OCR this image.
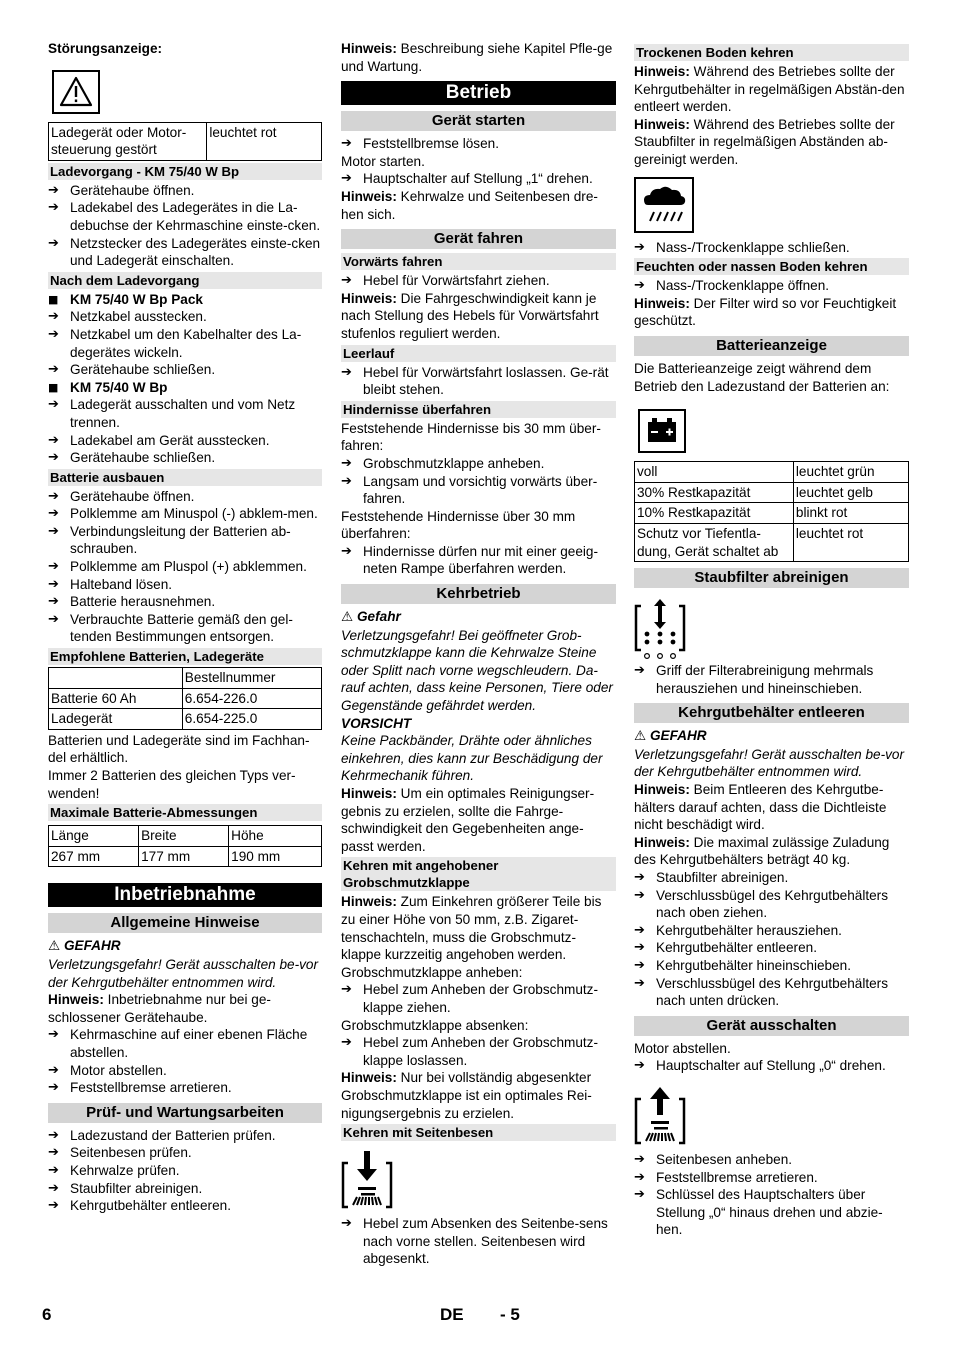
Störungsanzeige:

Ladegerät oder Motor-steuerung gestört	leuchtet rot
Ladevorgang - KM 75/40 W Bp
➔ Gerätehaube öffnen.
➔ Ladekabel des Ladegerätes in die La-debuchse der Kehrmaschine einste-cken.
➔ Netzstecker des Ladegerätes einste-cken und Ladegerät einschalten.
Nach dem Ladevorgang
■ KM 75/40 W Bp Pack
➔ Netzkabel ausstecken.
➔ Netzkabel um den Kabelhalter des La-degerätes wickeln.
➔ Gerätehaube schließen.
■ KM 75/40 W Bp
➔ Ladegerät ausschalten und vom Netz trennen.
➔ Ladekabel am Gerät ausstecken.
➔ Gerätehaube schließen.
Batterie ausbauen
➔ Gerätehaube öffnen.
➔ Polklemme am Minuspol (-) abklem-men.
➔ Verbindungsleitung der Batterien ab-schrauben.
➔ Polklemme am Pluspol (+) abklemmen.
➔ Halteband lösen.
➔ Batterie herausnehmen.
➔ Verbrauchte Batterie gemäß den gel-tenden Bestimmungen entsorgen.
Empfohlene Batterien, Ladegeräte
	Bestellnummer
Batterie 60 Ah	6.654-226.0
Ladegerät	6.654-225.0

Batterien und Ladegeräte sind im Fachhan-del erhältlich.

Immer 2 Batterien des gleichen Typs ver-wenden!

Maximale Batterie-Abmessungen
Länge	Breite	Höhe
267 mm	177 mm	190 mm
Inbetriebnahme
Allgemeine Hinweise

⚠ GEFAHR

Verletzungsgefahr! Gerät ausschalten be-vor der Kehrgutbehälter entnommen wird.

Hinweis: Inbetriebnahme nur bei ge-schlossener Gerätehaube.

➔ Kehrmaschine auf einer ebenen Fläche abstellen.
➔ Motor abstellen.
➔ Feststellbremse arretieren.
Prüf- und Wartungsarbeiten
➔ Ladezustand der Batterien prüfen.
➔ Seitenbesen prüfen.
➔ Kehrwalze prüfen.
➔ Staubfilter abreinigen.
➔ Kehrgutbehälter entleeren.

Hinweis: Beschreibung siehe Kapitel Pfle-ge und Wartung.

Betrieb
Gerät starten
➔ Feststellbremse lösen.

Motor starten.

➔ Hauptschalter auf Stellung „1“ drehen.

Hinweis: Kehrwalze und Seitenbesen dre-hen sich.

Gerät fahren
Vorwärts fahren
➔ Hebel für Vorwärtsfahrt ziehen.

Hinweis: Die Fahrgeschwindigkeit kann je nach Stellung des Hebels für Vorwärtsfahrt stufenlos reguliert werden.

Leerlauf
➔ Hebel für Vorwärtsfahrt loslassen. Ge-rät bleibt stehen.
Hindernisse überfahren

Feststehende Hindernisse bis 30 mm über-fahren:

➔ Grobschmutzklappe anheben.
➔ Langsam und vorsichtig vorwärts über-fahren.

Feststehende Hindernisse über 30 mm überfahren:

➔ Hindernisse dürfen nur mit einer geeig-neten Rampe überfahren werden.
Kehrbetrieb

⚠ Gefahr

Verletzungsgefahr! Bei geöffneter Grob-schmutzklappe kann die Kehrwalze Steine oder Splitt nach vorne wegschleudern. Da-rauf achten, dass keine Personen, Tiere oder Gegenstände gefährdet werden.

VORSICHT

Keine Packbänder, Drähte oder ähnliches einkehren, dies kann zur Beschädigung der Kehrmechanik führen.

Hinweis: Um ein optimales Reinigungser-gebnis zu erzielen, sollte die Fahrge-schwindigkeit den Gegebenheiten ange-passt werden.

Kehren mit angehobener Grobschmutzklappe

Hinweis: Zum Einkehren größerer Teile bis zu einer Höhe von 50 mm, z.B. Zigaret-tenschachteln, muss die Grobschmutz-klappe kurzzeitig angehoben werden.

Grobschmutzklappe anheben:

➔ Hebel zum Anheben der Grobschmutz-klappe ziehen.

Grobschmutzklappe absenken:

➔ Hebel zum Anheben der Grobschmutz-klappe loslassen.

Hinweis: Nur bei vollständig abgesenkter Grobschmutzklappe ist ein optimales Rei-nigungsergebnis zu erzielen.

Kehren mit Seitenbesen
➔ Hebel zum Absenken des Seitenbe-sens nach vorne stellen. Seitenbesen wird abgesenkt.
Trockenen Boden kehren

Hinweis: Während des Betriebes sollte der Kehrgutbehälter in regelmäßigen Abstän-den entleert werden.

Hinweis: Während des Betriebes sollte der Staubfilter in regelmäßigen Abständen ab-gereinigt werden.

➔ Nass-/Trockenklappe schließen.
Feuchten oder nassen Boden kehren
➔ Nass-/Trockenklappe öffnen.

Hinweis: Der Filter wird so vor Feuchtigkeit geschützt.

Batterieanzeige

Die Batterieanzeige zeigt während dem Betrieb den Ladezustand der Batterien an:

voll	leuchtet grün
30% Restkapazität	leuchtet gelb
10% Restkapazität	blinkt rot
Schutz vor Tiefentla-dung, Gerät schaltet ab	leuchtet rot
Staubfilter abreinigen
➔ Griff der Filterabreinigung mehrmals herausziehen und hineinschieben.
Kehrgutbehälter entleeren

⚠ GEFAHR

Verletzungsgefahr! Gerät ausschalten be-vor der Kehrgutbehälter entnommen wird.

Hinweis: Beim Entleeren des Kehrgutbe-hälters darauf achten, dass die Dichtleiste nicht beschädigt wird.

Hinweis: Die maximal zulässige Zuladung des Kehrgutbehälters beträgt 40 kg.

➔ Staubfilter abreinigen.
➔ Verschlussbügel des Kehrgutbehälters nach oben ziehen.
➔ Kehrgutbehälter herausziehen.
➔ Kehrgutbehälter entleeren.
➔ Kehrgutbehälter hineinschieben.
➔ Verschlussbügel des Kehrgutbehälters nach unten drücken.
Gerät ausschalten

Motor abstellen.

➔ Hauptschalter auf Stellung „0“ drehen.
➔ Seitenbesen anheben.
➔ Feststellbremse arretieren.
➔ Schlüssel des Hauptschalters über Stellung „0“ hinaus drehen und abzie-hen.
6	DE - 5
